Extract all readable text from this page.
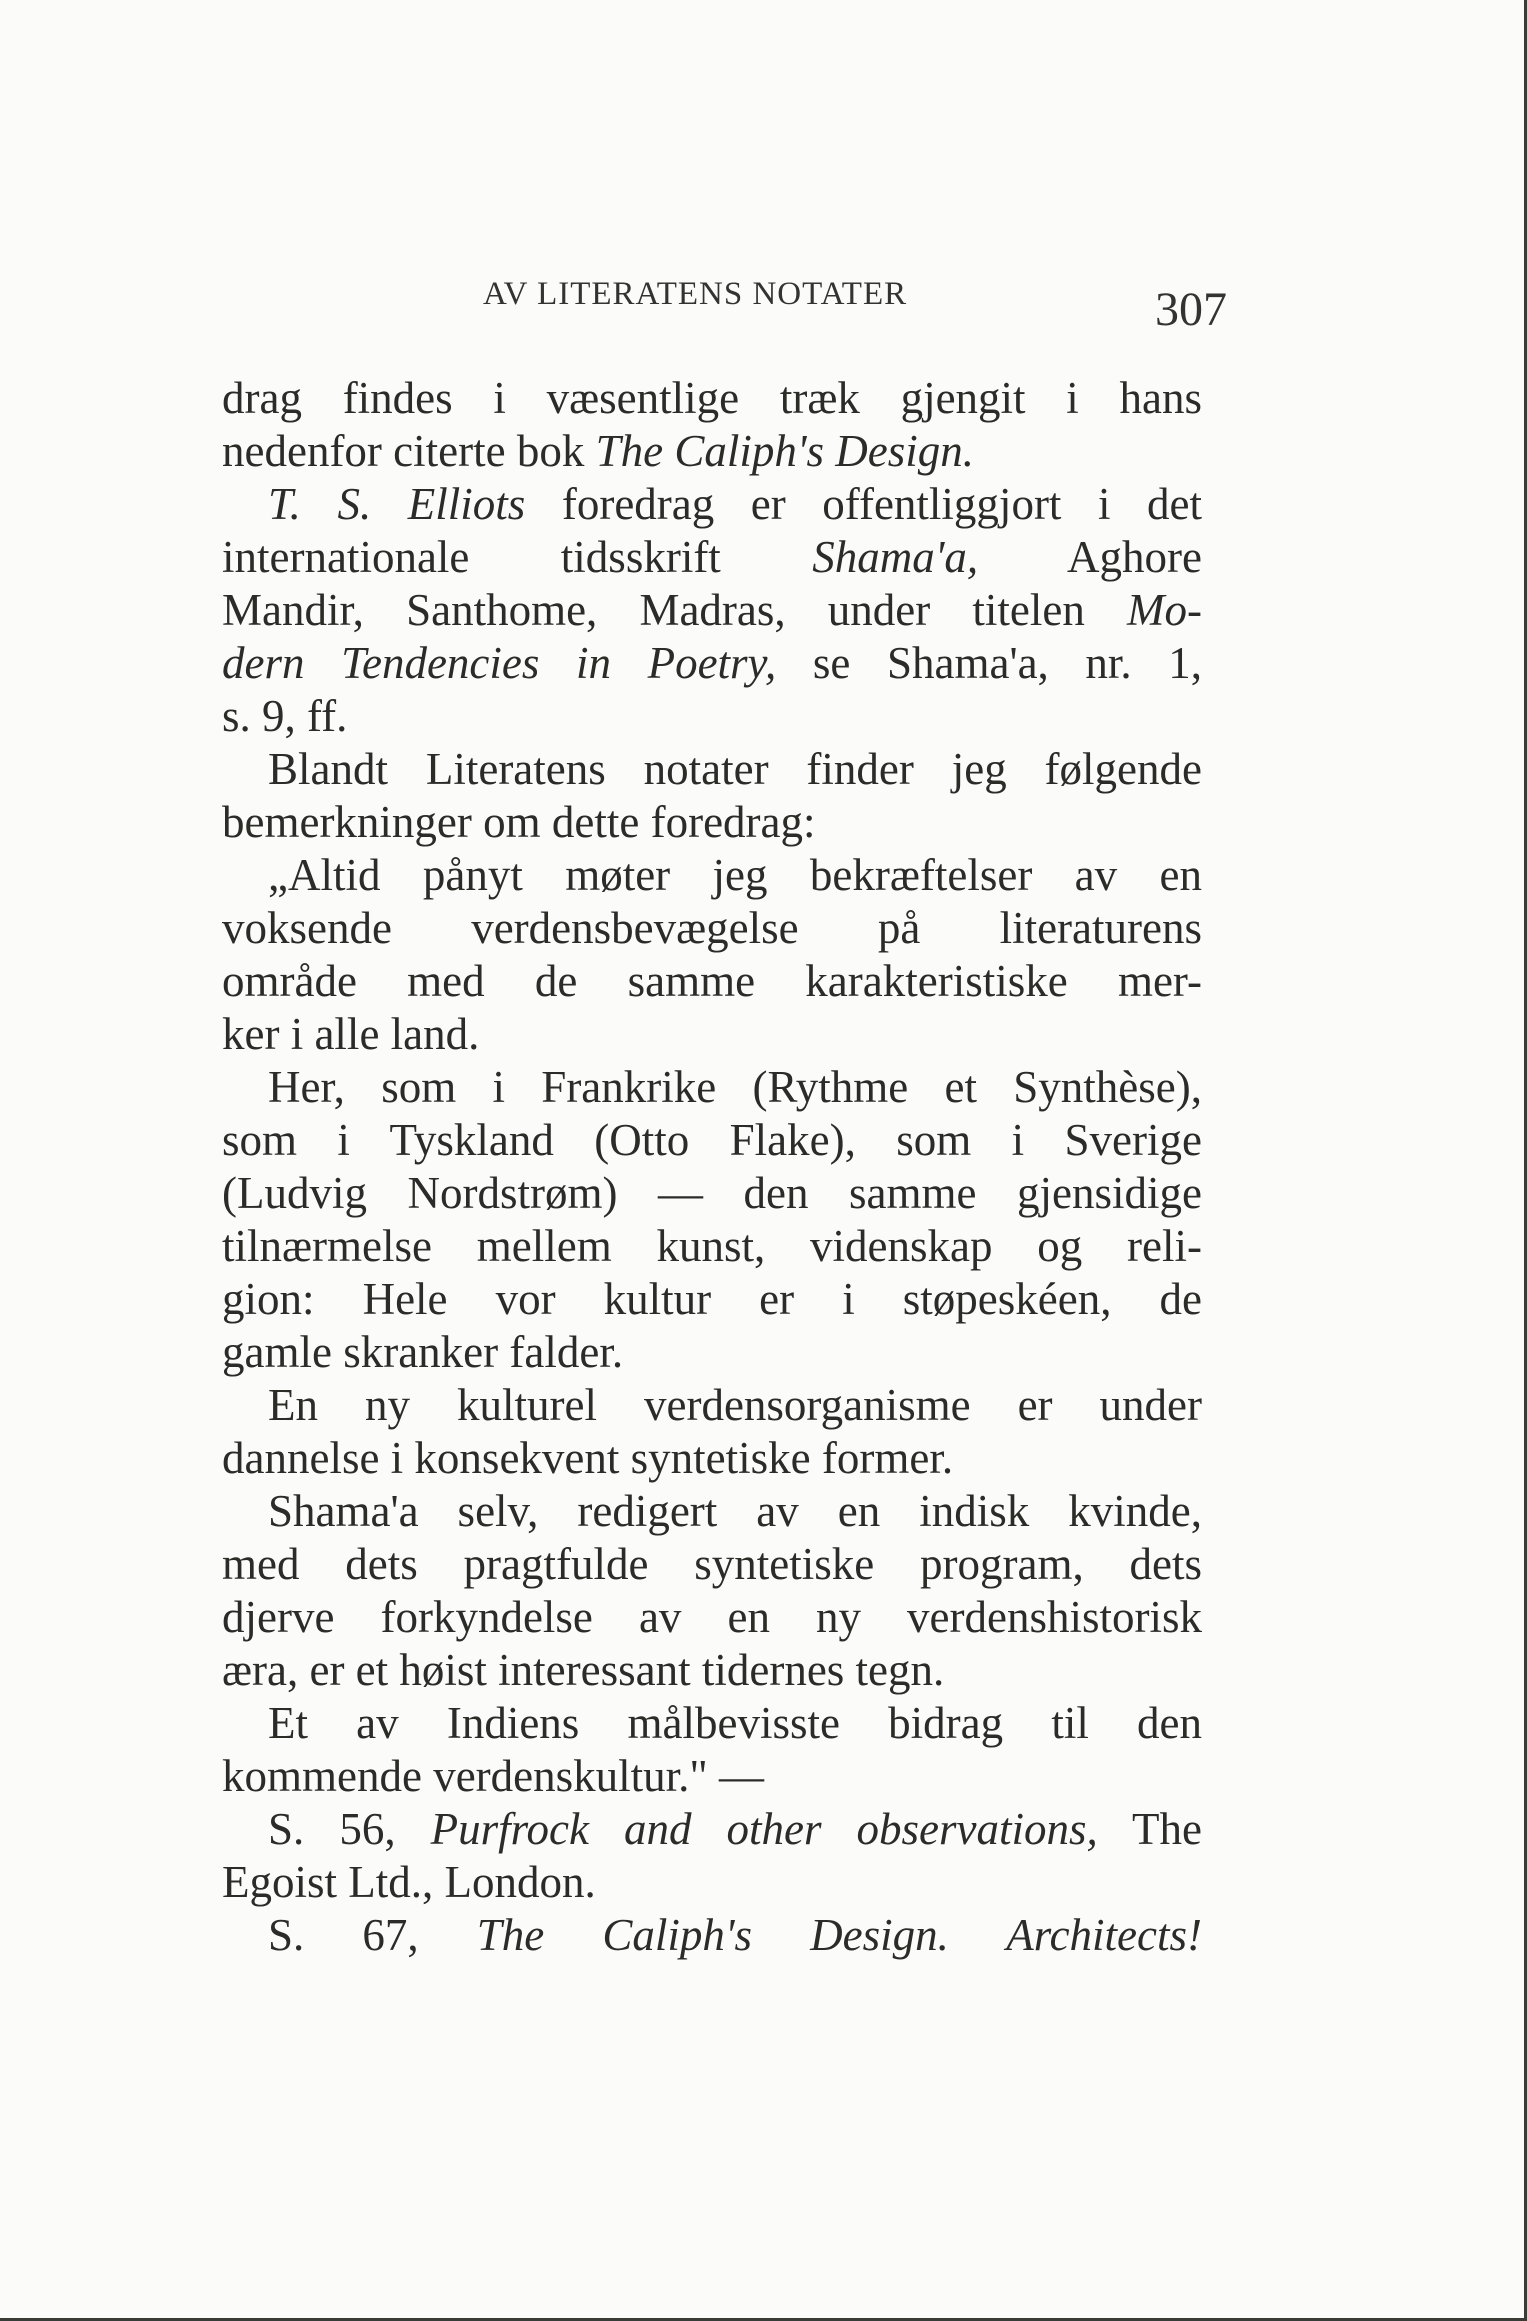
AV LITERATENS NOTATER	307
drag findes i væsentlige træk gjengit i hans
nedenfor citerte bok The Caliph's Design.
T. S. Elliots foredrag er offentliggjort i det
internationale tidsskrift Shama'a, Aghore
Mandir, Santhome, Madras, under titelen Mo-
dern Tendencies in Poetry, se Shama'a, nr. 1,
s. 9, ff.
Blandt Literatens notater finder jeg følgende
bemerkninger om dette foredrag:
„Altid pånyt møter jeg bekræftelser av en
voksende verdensbevægelse på literaturens
område med de samme karakteristiske mer-
ker i alle land.
Her, som i Frankrike (Rythme et Synthèse),
som i Tyskland (Otto Flake), som i Sverige
(Ludvig Nordstrøm) — den samme gjensidige
tilnærmelse mellem kunst, videnskap og reli-
gion: Hele vor kultur er i støpeskéen, de
gamle skranker falder.
En ny kulturel verdensorganisme er under
dannelse i konsekvent syntetiske former.
Shama'a selv, redigert av en indisk kvinde,
med dets pragtfulde syntetiske program, dets
djerve forkyndelse av en ny verdenshistorisk
æra, er et høist interessant tidernes tegn.
Et av Indiens målbevisste bidrag til den
kommende verdenskultur." —
S. 56, Purfrock and other observations, The
Egoist Ltd., London.
S. 67, The Caliph's Design. Architects!
